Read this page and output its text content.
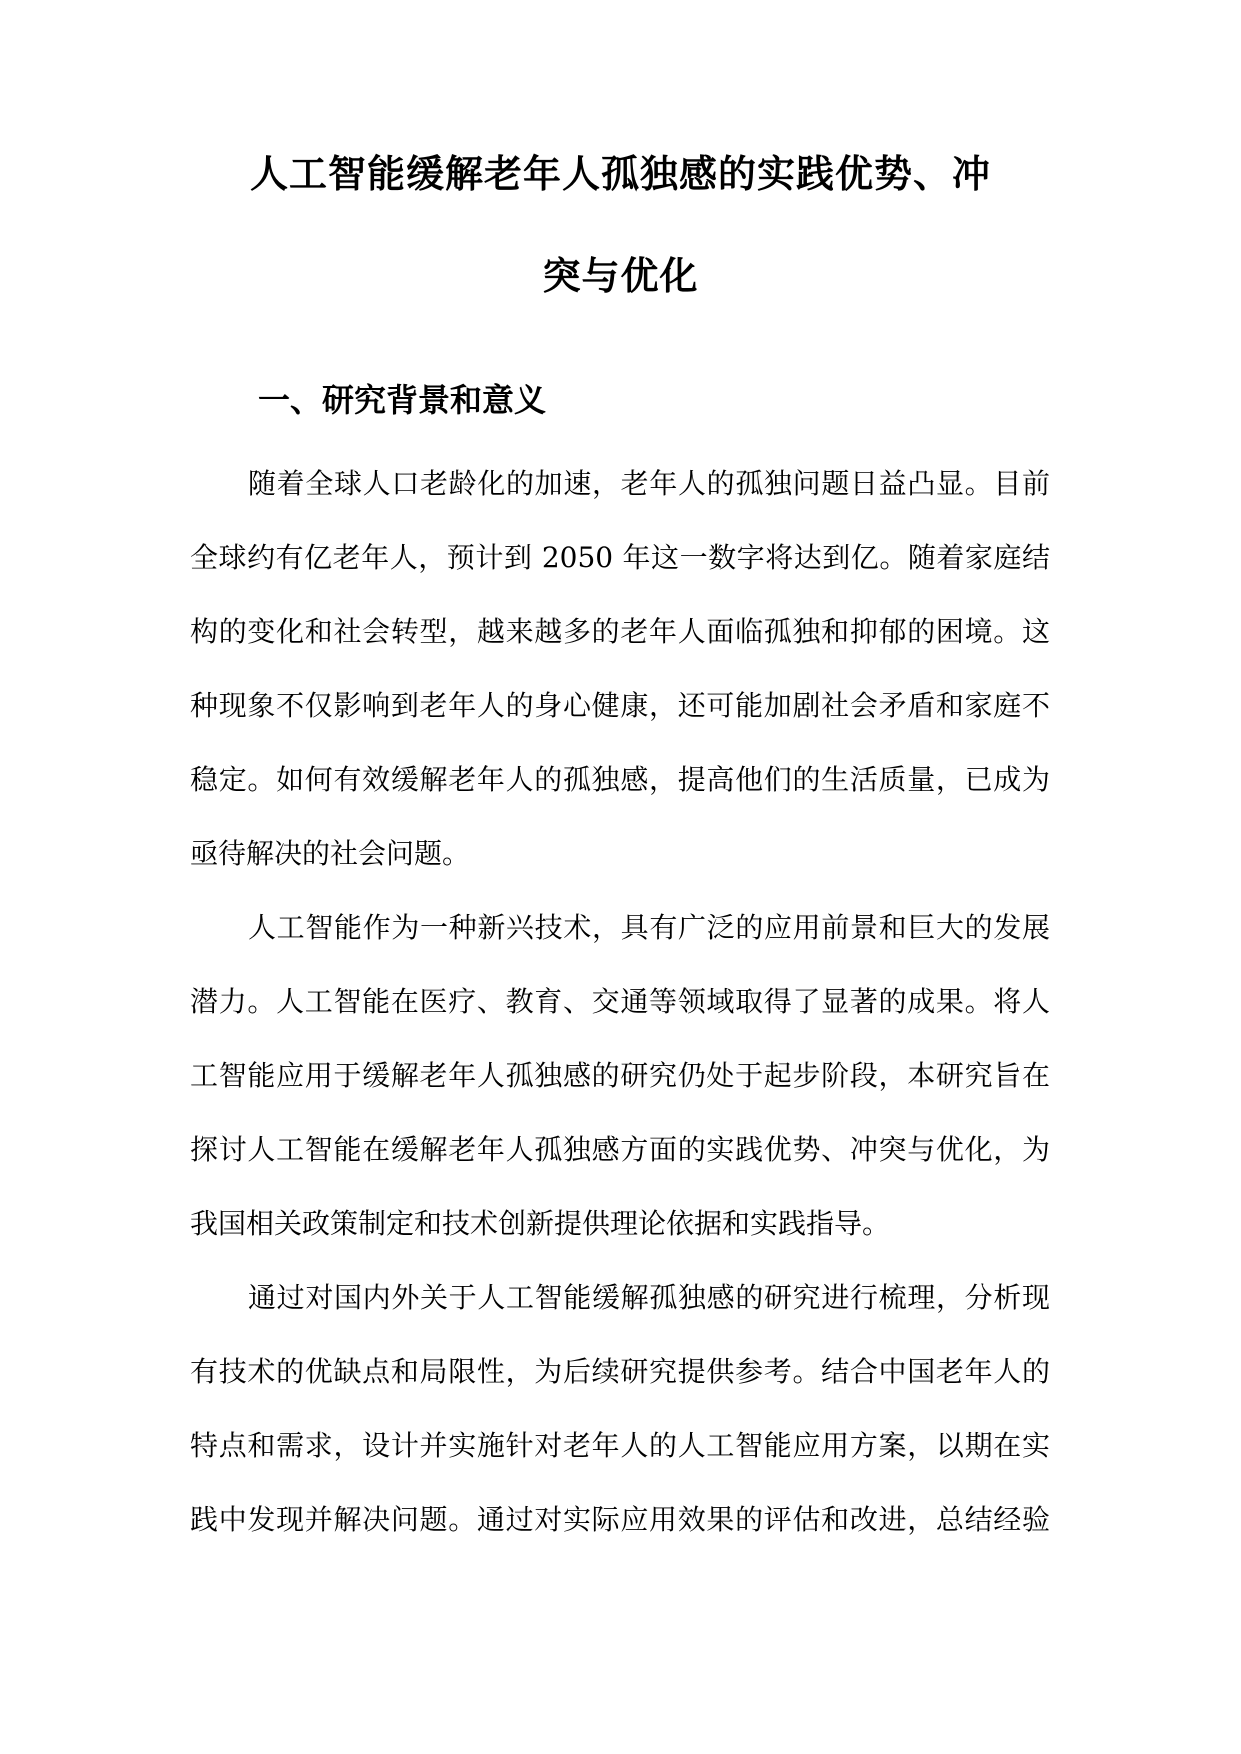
人工智能缓解老年人孤独感的实践优势、冲
突与优化
一、研究背景和意义
随着全球人口老龄化的加速，老年人的孤独问题日益凸显。目前
全球约有亿老年人，预计到 2050 年这一数字将达到亿。随着家庭结
构的变化和社会转型，越来越多的老年人面临孤独和抑郁的困境。这
种现象不仅影响到老年人的身心健康，还可能加剧社会矛盾和家庭不
稳定。如何有效缓解老年人的孤独感，提高他们的生活质量，已成为
亟待解决的社会问题。
人工智能作为一种新兴技术，具有广泛的应用前景和巨大的发展
潜力。人工智能在医疗、教育、交通等领域取得了显著的成果。将人
工智能应用于缓解老年人孤独感的研究仍处于起步阶段，本研究旨在
探讨人工智能在缓解老年人孤独感方面的实践优势、冲突与优化，为
我国相关政策制定和技术创新提供理论依据和实践指导。
通过对国内外关于人工智能缓解孤独感的研究进行梳理，分析现
有技术的优缺点和局限性，为后续研究提供参考。结合中国老年人的
特点和需求，设计并实施针对老年人的人工智能应用方案，以期在实
践中发现并解决问题。通过对实际应用效果的评估和改进，总结经验
